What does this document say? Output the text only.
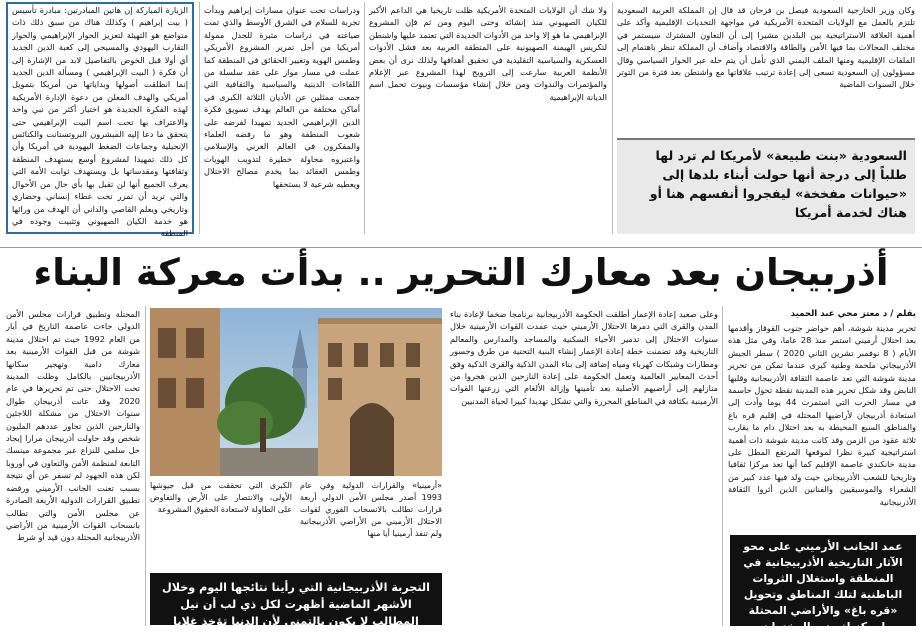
الزيارة المباركة إن هاتين المبادرتين: مبادرة تأسيس ( بيت إبراهيم ) وكذلك هناك من سبق ذلك ذات متواضع هو التهيئة لتعزيز الحوار الإبراهيمي والحوار التقارب اليهودي والمسيحي إلى كعبة الدين الجديد أي أولا قبل الخوض بالتفاصيل لابد من الإشارة إلى أن فكرة ( البيت الإبراهيمي ) ومسألة الدين الجديد إنما انطلقت أصولها وبداياتها من أمريكا بتمويل أمريكي والهدف المعلن من دعوة الإدارة الأمريكية لهذه الفكرة الجديدة هو اختيار أكثر من نبي واحد والاعتراف بها تحت اسم البيت الإبراهيمي حتى يتحقق ما دعا إليه المبشرون البروتستانت والكنائس الإنجيلية وجماعات الضغط اليهودية في أمريكا وأن كل ذلك تمهيدا لمشروع أوسع يستهدف المنطقة وثقافتها ومقدساتها بل ويستهدف ثوابت الأمة التي يعرف الجميع أنها لن تقبل بها بأي حال من الأحوال والتي تريد أن تمرر تحت غطاء إنساني وحضاري وتاريخي ويعلم القاصي والداني أن الهدف من ورائها هو خدمة الكيان الصهيوني وتثبيت وجوده في المنطقة
ودراسات تحت عنوان مسارات إبراهيم وبدأت تجربة للسلام في الشرق الأوسط والذي تمت صياغته في دراسات مثيرة للجدل ممولة أمريكيا من أجل تمرير المشروع الأمريكي وطمس الهوية وتغيير الحقائق في المنطقة كما عملت في مسار مواز على عقد سلسلة من اللقاءات الدينية والسياسية والثقافية التي جمعت ممثلين عن الأديان الثلاثة الكبرى في أماكن مختلفة من العالم بهدف تسويق فكرة الدين الإبراهيمي الجديد تمهيدا لفرضه على شعوب المنطقة وهو ما رفضه العلماء والمفكرون في العالم العربي والإسلامي واعتبروه محاولة خطيرة لتذويب الهويات وطمس العقائد بما يخدم مصالح الاحتلال ويعطيه شرعية لا يستحقها
ولا شك أن الولايات المتحدة الأمريكية ظلت تاريخيا هي الداعم الأكبر للكيان الصهيوني منذ إنشائه وحتى اليوم ومن ثم فإن المشروع الإبراهيمي ما هو إلا واحد من الأدوات الجديدة التي تعتمد عليها واشنطن لتكريس الهيمنة الصهيونية على المنطقة العربية بعد فشل الأدوات العسكرية والسياسية التقليدية في تحقيق أهدافها ولذلك نرى أن بعض الأنظمة العربية سارعت إلى الترويج لهذا المشروع عبر الإعلام والمؤتمرات والندوات ومن خلال إنشاء مؤسسات وبيوت تحمل اسم الديانة الإبراهيمية
وكان وزير الخارجية السعودية فيصل بن فرحان قد قال إن المملكة العربية السعودية تلتزم بالعمل مع الولايات المتحدة الأمريكية في مواجهة التحديات الإقليمية وأكد على أهمية العلاقة الاستراتيجية بين البلدين مشيرا إلى أن التعاون المشترك سيستمر في مختلف المجالات بما فيها الأمن والطاقة والاقتصاد وأضاف أن المملكة تنظر باهتمام إلى الملفات الإقليمية ومنها الملف اليمني الذي تأمل أن يتم حله عبر الحوار السياسي وقال مسؤولون إن السعودية تسعى إلى إعادة ترتيب علاقاتها مع واشنطن بعد فترة من التوتر خلال السنوات الماضية
السعودية «بنت طبيعة» لأمريكا لم ترد لها طلباً إلى درجة أنها حولت أبناء بلدها إلى «حيوانات مفخخة» ليفجروا أنفسهم هنا أو هناك لخدمة أمريكا
أذربيجان بعد معارك التحرير .. بدأت معركة البناء
بقلم / د معتز محي عبد الحميد
تحرير مدينة شوشة، أهم حواضر جنوب القوقاز وأقدمها بعد احتلال أرميني استمر منذ 28 عاما، وفي مثل هذه الأيام ( 8 نوفمبر تشرين الثاني 2020 ) سطر الجيش الأذربيجاني ملحمة وطنية كبرى عندما تمكن من تحرير مدينة شوشة التي تعد عاصمة الثقافة الأذربيجانية وقلبها النابض وقد شكل تحرير هذه المدينة نقطة تحول حاسمة في مسار الحرب التي استمرت 44 يوما وأدت إلى استعادة أذربيجان لأراضيها المحتلة في إقليم قره باغ والمناطق السبع المحيطة به بعد احتلال دام ما يقارب ثلاثة عقود من الزمن وقد كانت مدينة شوشة ذات أهمية استراتيجية كبيرة نظرا لموقعها المرتفع المطل على مدينة خانكندي عاصمة الإقليم كما أنها تعد مركزا ثقافيا وتاريخيا للشعب الأذربيجاني حيث ولد فيها عدد كبير من الشعراء والموسيقيين والفنانين الذين أثروا الثقافة الأذربيجانية
وعلى صعيد إعادة الإعمار أطلقت الحكومة الأذربيجانية برنامجا ضخما لإعادة بناء المدن والقرى التي دمرها الاحتلال الأرميني حيث عمدت القوات الأرمينية خلال سنوات الاحتلال إلى تدمير الأحياء السكنية والمساجد والمدارس والمعالم التاريخية وقد تضمنت خطة إعادة الإعمار إنشاء البنية التحتية من طرق وجسور ومطارات وشبكات كهرباء ومياه إضافة إلى بناء المدن الذكية والقرى الذكية وفق أحدث المعايير العالمية وتعمل الحكومة على إعادة النازحين الذين هجروا من منازلهم إلى أراضيهم الأصلية بعد تأمينها وإزالة الألغام التي زرعتها القوات الأرمينية بكثافة في المناطق المحررة والتي تشكل تهديدا كبيرا لحياة المدنيين
«أرمينيا» والقرارات الدولية وفي عام 1993 أصدر مجلس الأمن الدولي أربعة قرارات تطالب بالانسحاب الفوري لقوات الاحتلال الأرميني من الأراضي الأذربيجانية ولم تنفذ أرمينيا أيا منها
الكبرى التي تحققت من قبل جيوشها الأولى، والانتصار على الأرض والتفاوض على الطاولة لاستعادة الحقوق المشروعة
المحتلة وتطبيق قرارات مجلس الأمن الدولي جاءت عاصمة التاريخ في أيار من العام 1992 حيث تم احتلال مدينة شوشة من قبل القوات الأرمينية بعد معارك دامية وتهجير سكانها الأذربيجانيين بالكامل وظلت المدينة تحت الاحتلال حتى تم تحريرها في عام 2020 وقد عانت أذربيجان طوال سنوات الاحتلال من مشكلة اللاجئين والنازحين الذين تجاوز عددهم المليون شخص وقد حاولت أذربيجان مرارا إيجاد حل سلمي للنزاع عبر مجموعة مينسك التابعة لمنظمة الأمن والتعاون في أوروبا لكن هذه الجهود لم تسفر عن أي نتيجة بسبب تعنت الجانب الأرميني ورفضه تطبيق القرارات الدولية الأربعة الصادرة عن مجلس الأمن والتي تطالب بانسحاب القوات الأرمينية من الأراضي الأذربيجانية المحتلة دون قيد أو شرط
التجربة الأذربيجانية التي رأينا نتائجها اليوم وخلال الأشهر الماضية أظهرت لكل ذي لب أن نيل المطالب لا يكون بالتمني لأن الدنيا تؤخذ غلابا
عمد الجانب الأرميني على محو الآثار التاريخية الأذربيجانية في المنطقة واستغلال الثروات الباطنية لتلك المناطق وتحويل «قره باغ» والأراضي المحتلة لمركز لتصدير المخدرات
